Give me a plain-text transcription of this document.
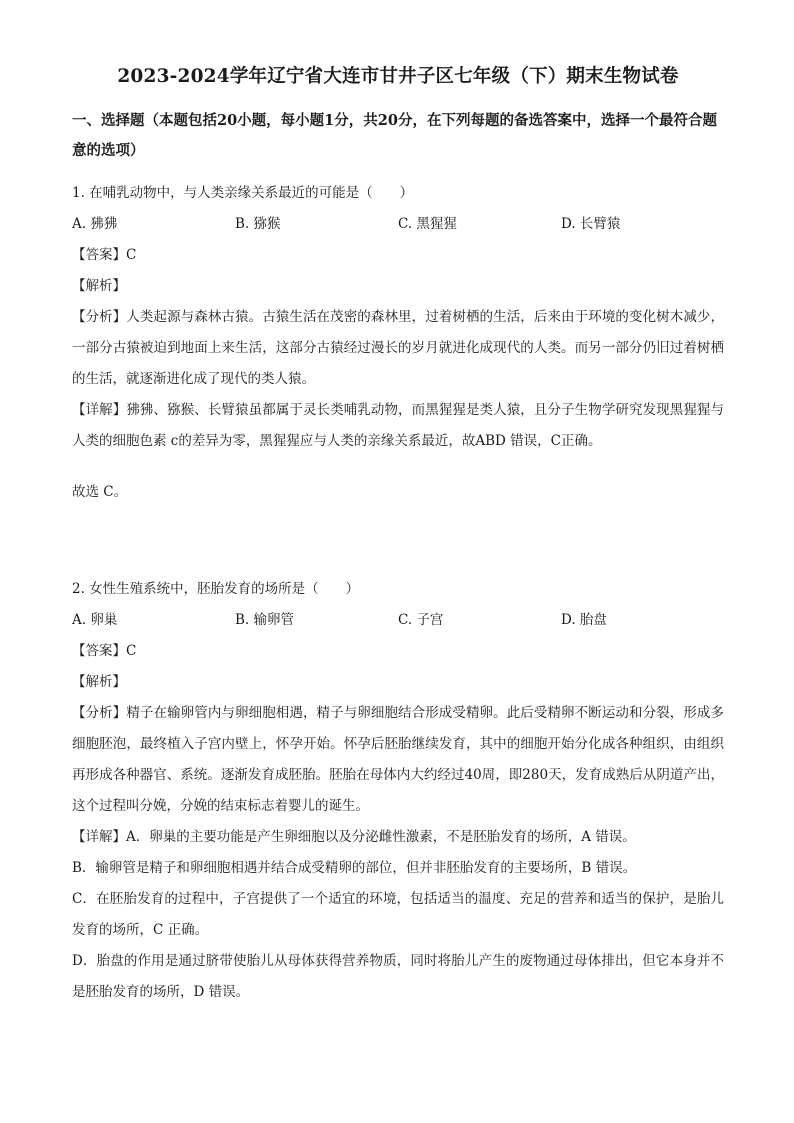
2023-2024学年辽宁省大连市甘井子区七年级（下）期末生物试卷
一、选择题（本题包括20小题，每小题1分，共20分，在下列每题的备选答案中，选择一个最符合题意的选项）

1. 在哺乳动物中，与人类亲缘关系最近的可能是（　　）

A. 狒狒	B. 猕猴	C. 黑猩猩	D. 长臂猿

【答案】C

【解析】

【分析】人类起源与森林古猿。古猿生活在茂密的森林里，过着树栖的生活，后来由于环境的变化树木减少，一部分古猿被迫到地面上来生活，这部分古猿经过漫长的岁月就进化成现代的人类。而另一部分仍旧过着树栖的生活，就逐渐进化成了现代的类人猿。

【详解】狒狒、猕猴、长臂猿虽都属于灵长类哺乳动物，而黑猩猩是类人猿，且分子生物学研究发现黑猩猩与人类的细胞色素 c的差异为零，黑猩猩应与人类的亲缘关系最近，故ABD 错误，C正确。

故选 C。

2. 女性生殖系统中，胚胎发育的场所是（　　）

A. 卵巢	B. 输卵管	C. 子宫	D. 胎盘

【答案】C

【解析】

【分析】精子在输卵管内与卵细胞相遇，精子与卵细胞结合形成受精卵。此后受精卵不断运动和分裂，形成多细胞胚泡，最终植入子宫内壁上，怀孕开始。怀孕后胚胎继续发育，其中的细胞开始分化成各种组织，由组织再形成各种器官、系统。逐渐发育成胚胎。胚胎在母体内大约经过40周，即280天，发育成熟后从阴道产出，这个过程叫分娩，分娩的结束标志着婴儿的诞生。

【详解】A．卵巢的主要功能是产生卵细胞以及分泌雌性激素，不是胚胎发育的场所，A 错误。

B．输卵管是精子和卵细胞相遇并结合成受精卵的部位，但并非胚胎发育的主要场所，B 错误。

C．在胚胎发育的过程中，子宫提供了一个适宜的环境，包括适当的温度、充足的营养和适当的保护，是胎儿发育的场所，C 正确。

D．胎盘的作用是通过脐带使胎儿从母体获得营养物质，同时将胎儿产生的废物通过母体排出，但它本身并不是胚胎发育的场所，D 错误。
